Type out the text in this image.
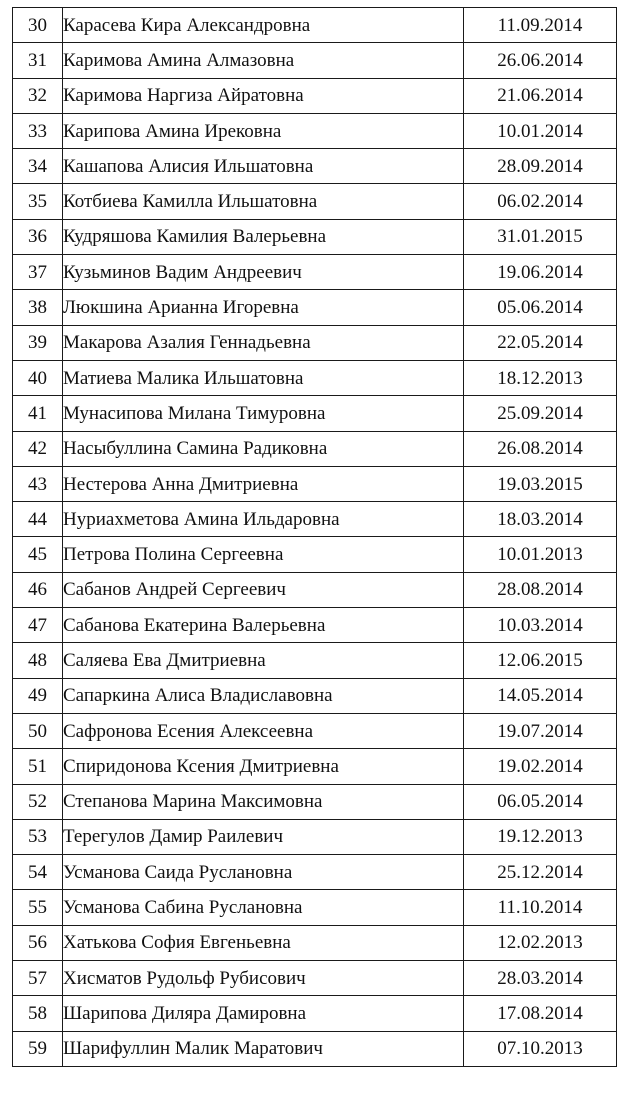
30	Карасева Кира Александровна	11.09.2014
31	Каримова Амина Алмазовна	26.06.2014
32	Каримова Наргиза Айратовна	21.06.2014
33	Карипова Амина Ирековна	10.01.2014
34	Кашапова Алисия Ильшатовна	28.09.2014
35	Котбиева Камилла Ильшатовна	06.02.2014
36	Кудряшова Камилия Валерьевна	31.01.2015
37	Кузьминов Вадим Андреевич	19.06.2014
38	Люкшина Арианна Игоревна	05.06.2014
39	Макарова Азалия Геннадьевна	22.05.2014
40	Матиева Малика Ильшатовна	18.12.2013
41	Мунасипова Милана Тимуровна	25.09.2014
42	Насыбуллина Самина Радиковна	26.08.2014
43	Нестерова Анна Дмитриевна	19.03.2015
44	Нуриахметова Амина Ильдаровна	18.03.2014
45	Петрова Полина Сергеевна	10.01.2013
46	Сабанов Андрей Сергеевич	28.08.2014
47	Сабанова Екатерина Валерьевна	10.03.2014
48	Саляева Ева Дмитриевна	12.06.2015
49	Сапаркина Алиса Владиславовна	14.05.2014
50	Сафронова Есения Алексеевна	19.07.2014
51	Спиридонова Ксения Дмитриевна	19.02.2014
52	Степанова Марина Максимовна	06.05.2014
53	Терегулов Дамир Раилевич	19.12.2013
54	Усманова Саида Руслановна	25.12.2014
55	Усманова Сабина Руслановна	11.10.2014
56	Хатькова София Евгеньевна	12.02.2013
57	Хисматов Рудольф Рубисович	28.03.2014
58	Шарипова Диляра Дамировна	17.08.2014
59	Шарифуллин Малик Маратович	07.10.2013
